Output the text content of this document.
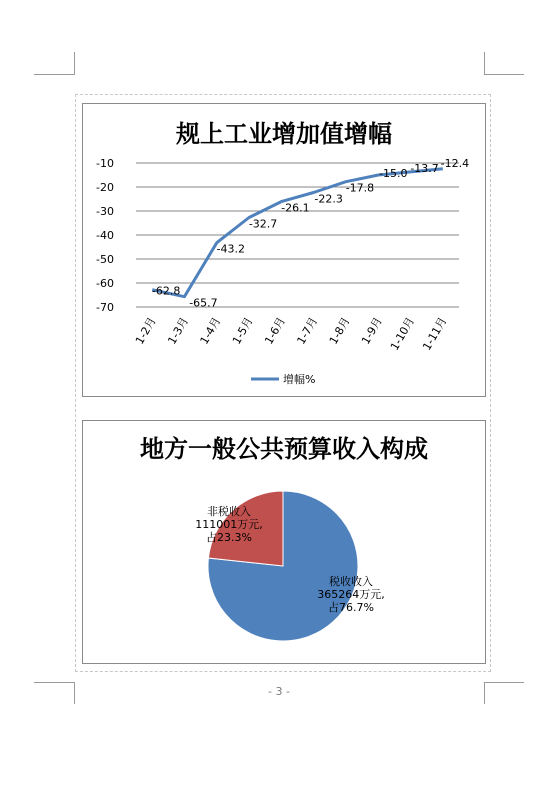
规上工业增加值增幅
-10
-20
-30
-40
-50
-60
-70
1-2月 1-3月 1-4月 1-5月 1-6月 1-7月 1-8月 1-9月 1-10月 1-11月
-62.8
-65.7
-43.2
-32.7
-26.1
-22.3
-17.8
-15.0 -13.7 -12.4
增幅%
地方一般公共预算收入构成
税收收入
365264万元,
占76.7%
非税收入
111001万元,
占23.3%
- 3 -
